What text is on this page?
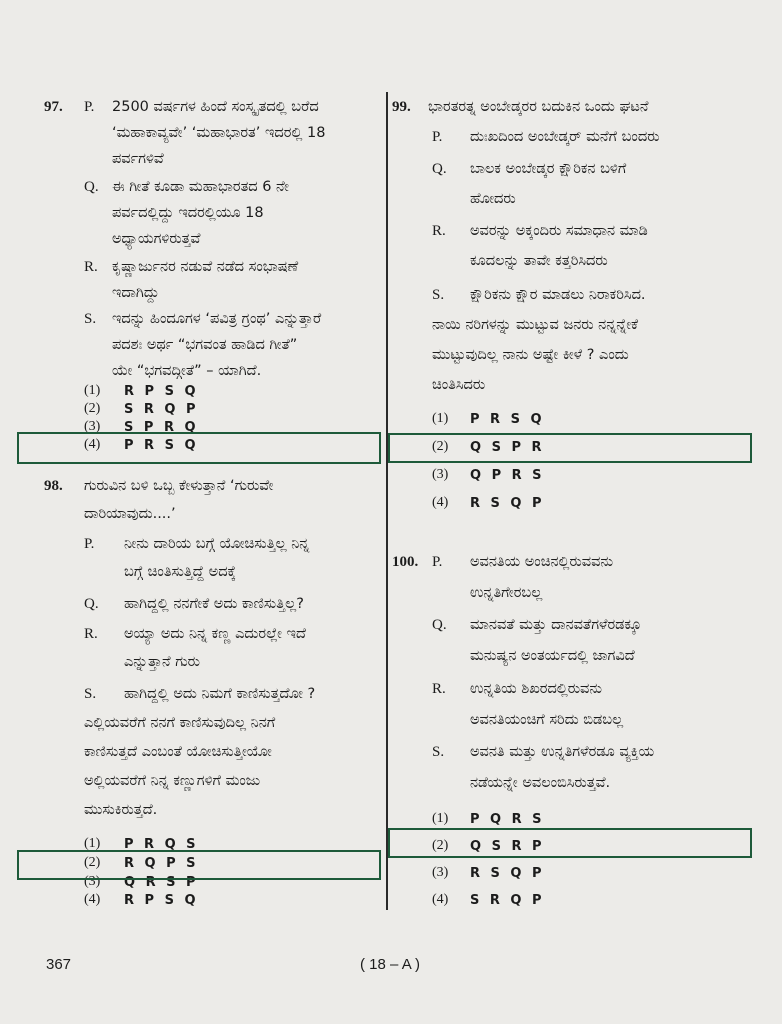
97. P. 2500 ವರ್ಷಗಳ ಹಿಂದೆ ಸಂಸ್ಕೃತದಲ್ಲಿ ಬರೆದ
‘ಮಹಾಕಾವ್ಯವೇ’ ‘ಮಹಾಭಾರತ’ ಇದರಲ್ಲಿ 18
ಪರ್ವಗಳಿವೆ
Q. ಈ ಗೀತೆ ಕೂಡಾ ಮಹಾಭಾರತದ 6 ನೇ
ಪರ್ವದಲ್ಲಿದ್ದು ಇದರಲ್ಲಿಯೂ 18
ಅಧ್ಯಾಯಗಳಿರುತ್ತವೆ
R. ಕೃಷ್ಣಾರ್ಜುನರ ನಡುವೆ ನಡೆದ ಸಂಭಾಷಣೆ
ಇದಾಗಿದ್ದು
S. ಇದನ್ನು ಹಿಂದೂಗಳ ‘ಪವಿತ್ರ ಗ್ರಂಥ’ ಎನ್ನುತ್ತಾರೆ
ಪದಶಃ ಅರ್ಥ “ಭಗವಂತ ಹಾಡಿದ ಗೀತೆ”
ಯೇ “ಭಗವದ್ಗೀತೆ” – ಯಾಗಿದೆ.
(1) R P S Q
(2) S R Q P
(3) S P R Q
(4) P R S Q
98. ಗುರುವಿನ ಬಳಿ ಒಬ್ಬ ಕೇಳುತ್ತಾನೆ ‘ಗುರುವೇ
ದಾರಿಯಾವುದು....’
P. ನೀನು ದಾರಿಯ ಬಗ್ಗೆ ಯೋಚಿಸುತ್ತಿಲ್ಲ ನಿನ್ನ
ಬಗ್ಗೆ ಚಿಂತಿಸುತ್ತಿದ್ದೆ ಅದಕ್ಕೆ
Q. ಹಾಗಿದ್ದಲ್ಲಿ ನನಗೇಕೆ ಅದು ಕಾಣಿಸುತ್ತಿಲ್ಲ?
R. ಅಯ್ಯಾ ಅದು ನಿನ್ನ ಕಣ್ಣ ಎದುರಲ್ಲೇ ಇದೆ
ಎನ್ನುತ್ತಾನೆ ಗುರು
S. ಹಾಗಿದ್ದಲ್ಲಿ ಅದು ನಿಮಗೆ ಕಾಣಿಸುತ್ತದೋ ?
ಎಲ್ಲಿಯವರೆಗೆ ನನಗೆ ಕಾಣಿಸುವುದಿಲ್ಲ ನಿನಗೆ
ಕಾಣಿಸುತ್ತದೆ ಎಂಬಂತೆ ಯೋಚಿಸುತ್ತೀಯೋ
ಅಲ್ಲಿಯವರೆಗೆ ನಿನ್ನ ಕಣ್ಣುಗಳಿಗೆ ಮಂಜು
ಮುಸುಕಿರುತ್ತದೆ.
(1) P R Q S
(2) R Q P S
(3) Q R S P
(4) R P S Q
99. ಭಾರತರತ್ನ ಅಂಬೇಡ್ಕರರ ಬದುಕಿನ ಒಂದು ಘಟನೆ
P. ದುಃಖದಿಂದ ಅಂಬೇಡ್ಕರ್ ಮನೆಗೆ ಬಂದರು
Q. ಬಾಲಕ ಅಂಬೇಡ್ಕರ ಕ್ಷೌರಿಕನ ಬಳಿಗೆ
ಹೋದರು
R. ಅವರನ್ನು ಅಕ್ಕಂದಿರು ಸಮಾಧಾನ ಮಾಡಿ
ಕೂದಲನ್ನು ತಾವೇ ಕತ್ತರಿಸಿದರು
S. ಕ್ಷೌರಿಕನು ಕ್ಷೌರ ಮಾಡಲು ನಿರಾಕರಿಸಿದ.
ನಾಯಿ ನರಿಗಳನ್ನು ಮುಟ್ಟುವ ಜನರು ನನ್ನನ್ನೇಕೆ
ಮುಟ್ಟುವುದಿಲ್ಲ ನಾನು ಅಷ್ಟೇ ಕೀಳೆ ? ಎಂದು
ಚಿಂತಿಸಿದರು
(1) P R S Q
(2) Q S P R
(3) Q P R S
(4) R S Q P
100. P. ಅವನತಿಯ ಅಂಚಿನಲ್ಲಿರುವವನು
ಉನ್ನತಿಗೇರಬಲ್ಲ
Q. ಮಾನವತೆ ಮತ್ತು ದಾನವತೆಗಳೆರಡಕ್ಕೂ
ಮನುಷ್ಯನ ಅಂತರ್ಯದಲ್ಲಿ ಜಾಗವಿದೆ
R. ಉನ್ನತಿಯ ಶಿಖರದಲ್ಲಿರುವನು
ಅವನತಿಯಂಚಿಗೆ ಸರಿದು ಬಿಡಬಲ್ಲ
S. ಅವನತಿ ಮತ್ತು ಉನ್ನತಿಗಳೆರಡೂ ವ್ಯಕ್ತಿಯ
ನಡೆಯನ್ನೇ ಅವಲಂಬಿಸಿರುತ್ತವೆ.
(1) P Q R S
(2) Q S R P
(3) R S Q P
(4) S R Q P
367	( 18 – A )
